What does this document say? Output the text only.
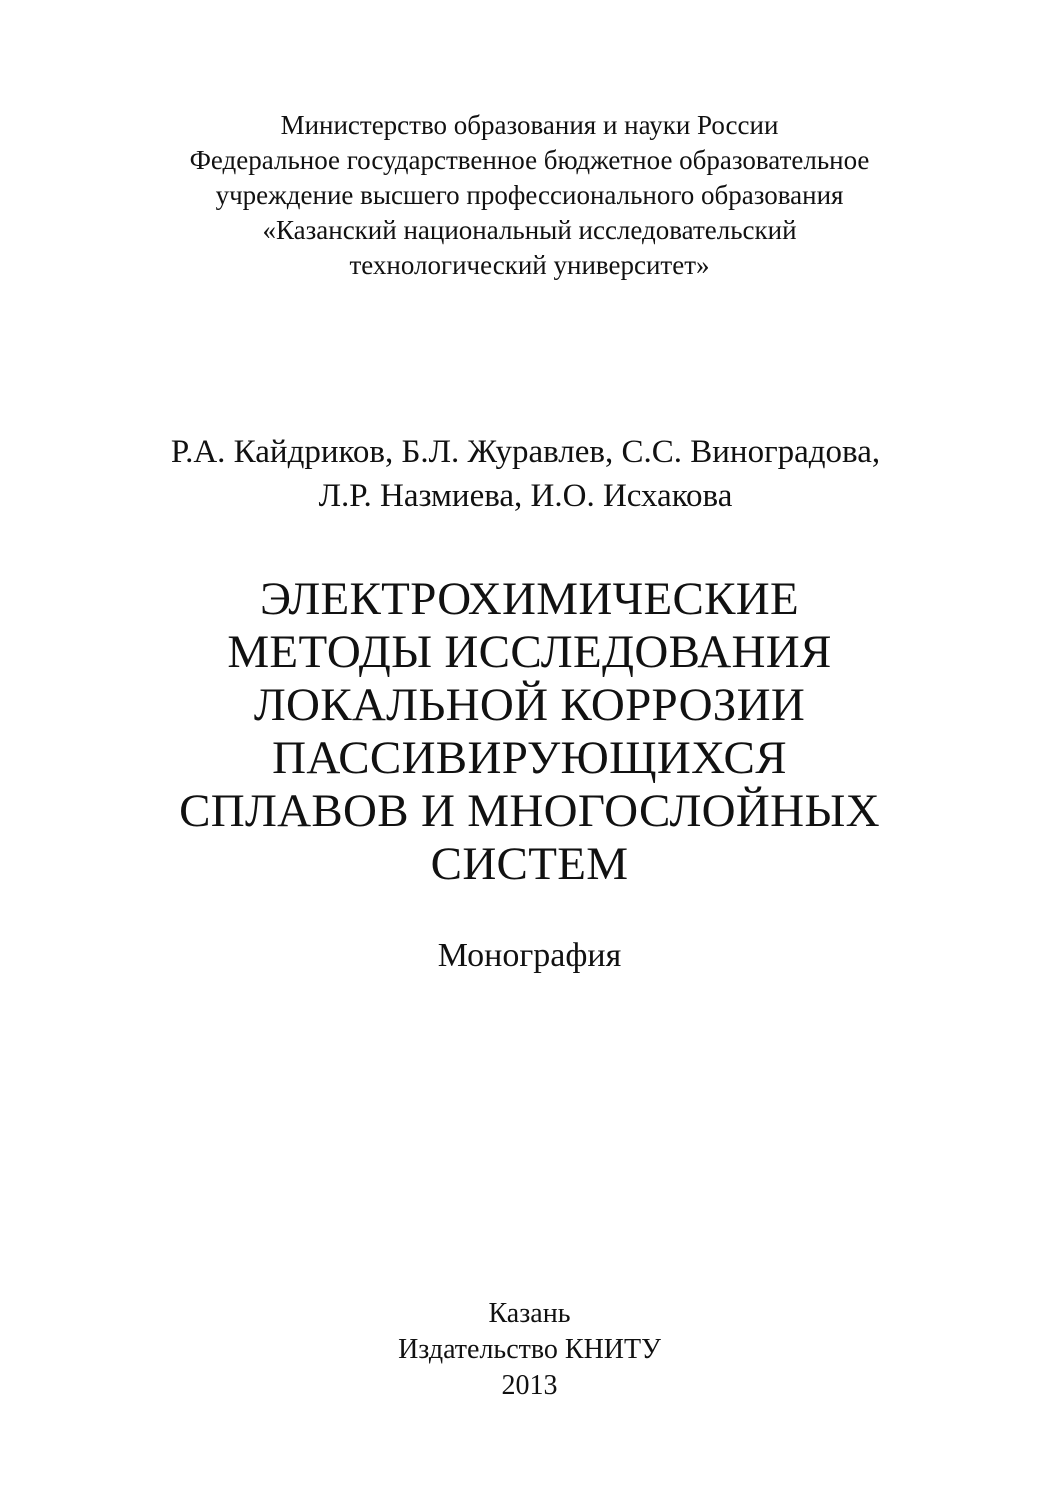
Министерство образования и науки России
Федеральное государственное бюджетное образовательное
учреждение высшего профессионального образования
«Казанский национальный исследовательский
технологический университет»
Р.А. Кайдриков, Б.Л. Журавлев, С.С. Виноградова,
Л.Р. Назмиева, И.О. Исхакова
ЭЛЕКТРОХИМИЧЕСКИЕ
МЕТОДЫ ИССЛЕДОВАНИЯ
ЛОКАЛЬНОЙ КОРРОЗИИ
ПАССИВИРУЮЩИХСЯ
СПЛАВОВ И МНОГОСЛОЙНЫХ
СИСТЕМ
Монография
Казань
Издательство КНИТУ
2013
